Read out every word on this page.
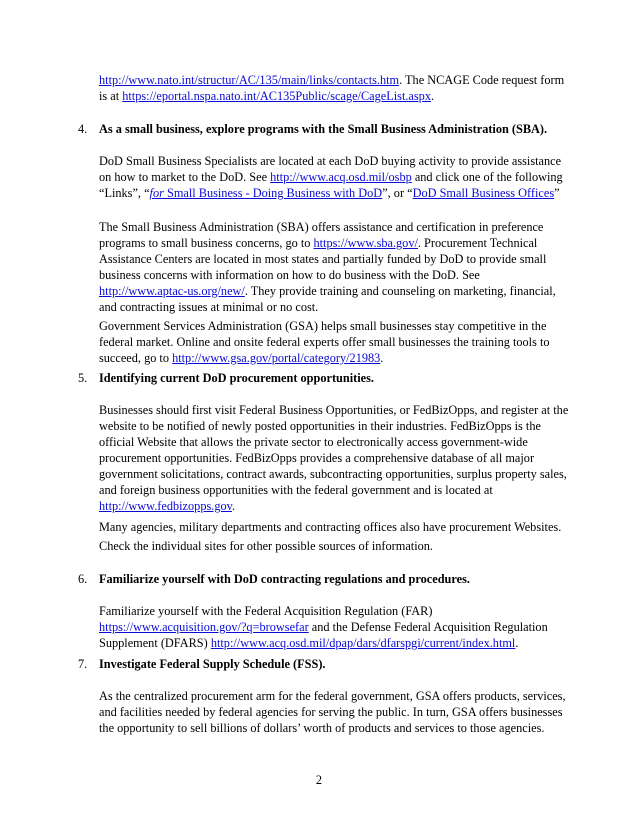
http://www.nato.int/structur/AC/135/main/links/contacts.htm. The NCAGE Code request form is at https://eportal.nspa.nato.int/AC135Public/scage/CageList.aspx.
4. As a small business, explore programs with the Small Business Administration (SBA).
DoD Small Business Specialists are located at each DoD buying activity to provide assistance on how to market to the DoD. See http://www.acq.osd.mil/osbp and click one of the following “Links”, “for Small Business - Doing Business with DoD”, or “DoD Small Business Offices”
The Small Business Administration (SBA) offers assistance and certification in preference programs to small business concerns, go to https://www.sba.gov/. Procurement Technical Assistance Centers are located in most states and partially funded by DoD to provide small business concerns with information on how to do business with the DoD. See http://www.aptac-us.org/new/. They provide training and counseling on marketing, financial, and contracting issues at minimal or no cost.
Government Services Administration (GSA) helps small businesses stay competitive in the federal market. Online and onsite federal experts offer small businesses the training tools to succeed, go to http://www.gsa.gov/portal/category/21983.
5. Identifying current DoD procurement opportunities.
Businesses should first visit Federal Business Opportunities, or FedBizOpps, and register at the website to be notified of newly posted opportunities in their industries. FedBizOpps is the official Website that allows the private sector to electronically access government-wide procurement opportunities. FedBizOpps provides a comprehensive database of all major government solicitations, contract awards, subcontracting opportunities, surplus property sales, and foreign business opportunities with the federal government and is located at http://www.fedbizopps.gov.
Many agencies, military departments and contracting offices also have procurement Websites. Check the individual sites for other possible sources of information.
6. Familiarize yourself with DoD contracting regulations and procedures.
Familiarize yourself with the Federal Acquisition Regulation (FAR) https://www.acquisition.gov/?q=browsefar and the Defense Federal Acquisition Regulation Supplement (DFARS) http://www.acq.osd.mil/dpap/dars/dfarspgi/current/index.html.
7. Investigate Federal Supply Schedule (FSS).
As the centralized procurement arm for the federal government, GSA offers products, services, and facilities needed by federal agencies for serving the public. In turn, GSA offers businesses the opportunity to sell billions of dollars’ worth of products and services to those agencies.
2
